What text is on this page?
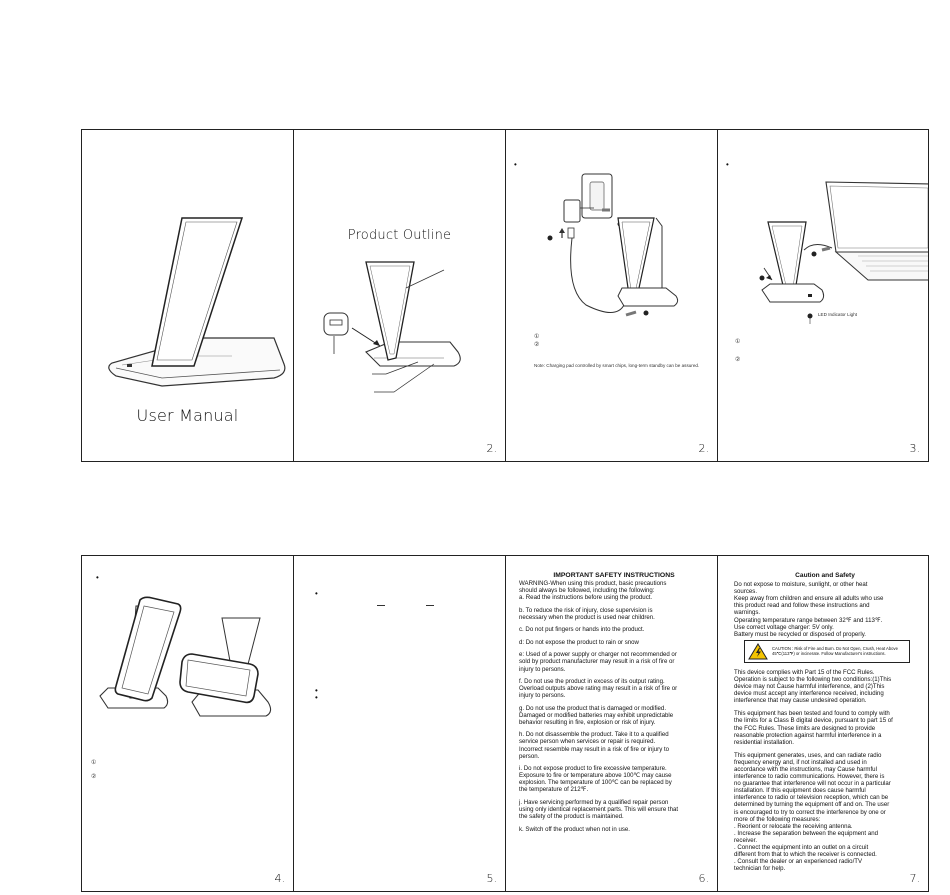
User Manual
Product Outline
2.
•
①
②
Note: Charging pad controlled by smart chips, long-term standby can be assured.
2.
•
LED Indicator Light
①
②
3.
•
①
②
4.
•
•
•
5.
IMPORTANT SAFETY INSTRUCTIONS

WARNING-When using this product, basic precautions
should always be followed, including the following:
a. Read the instructions before using the product.

b. To reduce the risk of injury, close supervision is
necessary when the product is used near children.

c. Do not put fingers or hands into the product.

d: Do not expose the product to rain or snow

e: Used of a power supply or charger not recommended or
sold by product manufacturer may result in a risk of fire or
injury to persons.

f. Do not use the product in excess of its output rating.
Overload outputs above rating may result in a risk of fire or
injury to persons.

g. Do not use the product that is damaged or modified.
Damaged or modified batteries may exhibit unpredictable
behavior resulting in fire, explosion or risk of injury.

h. Do not disassemble the product. Take it to a qualified
service person when services or repair is required.
Incorrect resemble may result in a risk of fire or injury to
person.

i. Do not expose product to fire excessive temperature.
Exposure to fire or temperature above 100℃ may cause
explosion. The temperature of 100℃ can be replaced by
the temperature of 212℉.

j. Have servicing performed by a qualified repair person
using only identical replacement parts. This will ensure that
the safety of the product is maintained.

k. Switch off the product when not in use.

6.
Caution and Safety

Do not expose to moisture, sunlight, or other heat
sources.
Keep away from children and ensure all adults who use
this product read and follow these instructions and
warnings.
Operating temperature range between 32℉ and 113℉.
Use correct voltage charger: 5V only.
Battery must be recycled or disposed of properly.

CAUTION : Risk of Fire and Burn. Do Not Open, Crush, Heat Above 45℃(113℉) or incinerate. Follow Manufacturer's instructions.

This device complies with Part 15 of the FCC Rules.
Operation is subject to the following two conditions:(1)This
device may not Cause harmful interference, and (2)This
device must accept any interference received, including
interference that may cause undesired operation.

This equipment has been tested and found to comply with
the limits for a Class B digital device, pursuant to part 15 of
the FCC Rules. These limits are designed to provide
reasonable protection against harmful interference in a
residential installation.

This equipment generates, uses, and can radiate radio
frequency energy and, if not installed and used in
accordance with the instructions, may Cause harmful
interference to radio communications. However, there is
no guarantee that interference will not occur in a particular
installation. If this equipment does cause harmful
interference to radio or television reception, which can be
determined by turning the equipment off and on. The user
is encouraged to try to correct the interference by one or
more of the following measures:
. Reorient or relocate the receiving antenna.
. Increase the separation between the equipment and
receiver.
. Connect the equipment into an outlet on a circuit
different from that to which the receiver is connected.
. Consult the dealer or an experienced radio/TV
technician for help.

7.
